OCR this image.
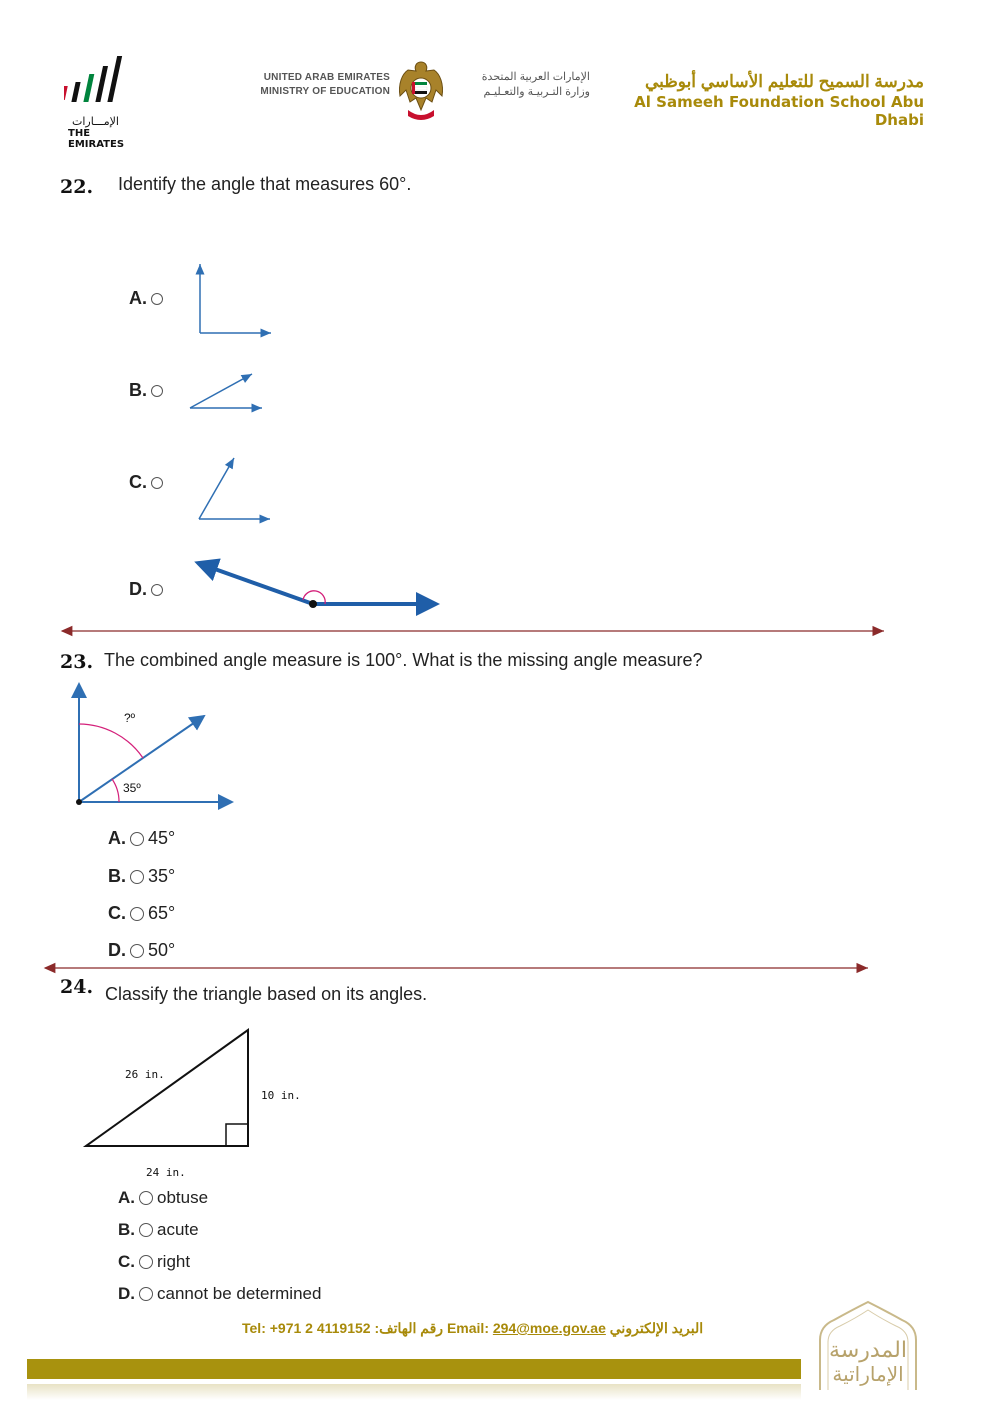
الإمـــارات
THE EMIRATES
UNITED ARAB EMIRATES
MINISTRY OF EDUCATION
الإمارات العربية المتحدة
وزارة التـربيـة والتعـليـم
مدرسة السميح للتعليم الأساسي أبوظبي
Al Sameeh Foundation School Abu Dhabi
22. Identify the angle that measures 60°.
A.
B.
C.
D.
23. The combined angle measure is 100°. What is the missing angle measure?
?º
35º
A. 45°
B. 35°
C. 65°
D. 50°
24. Classify the triangle based on its angles.
26 in.
10 in.
24 in.
A. obtuse
B. acute
C. right
D. cannot be determined
Tel: +971 2 4119152 :رقم الهاتف Email: 294@moe.gov.ae البريد الإلكتروني
المدرسة
الإماراتية
